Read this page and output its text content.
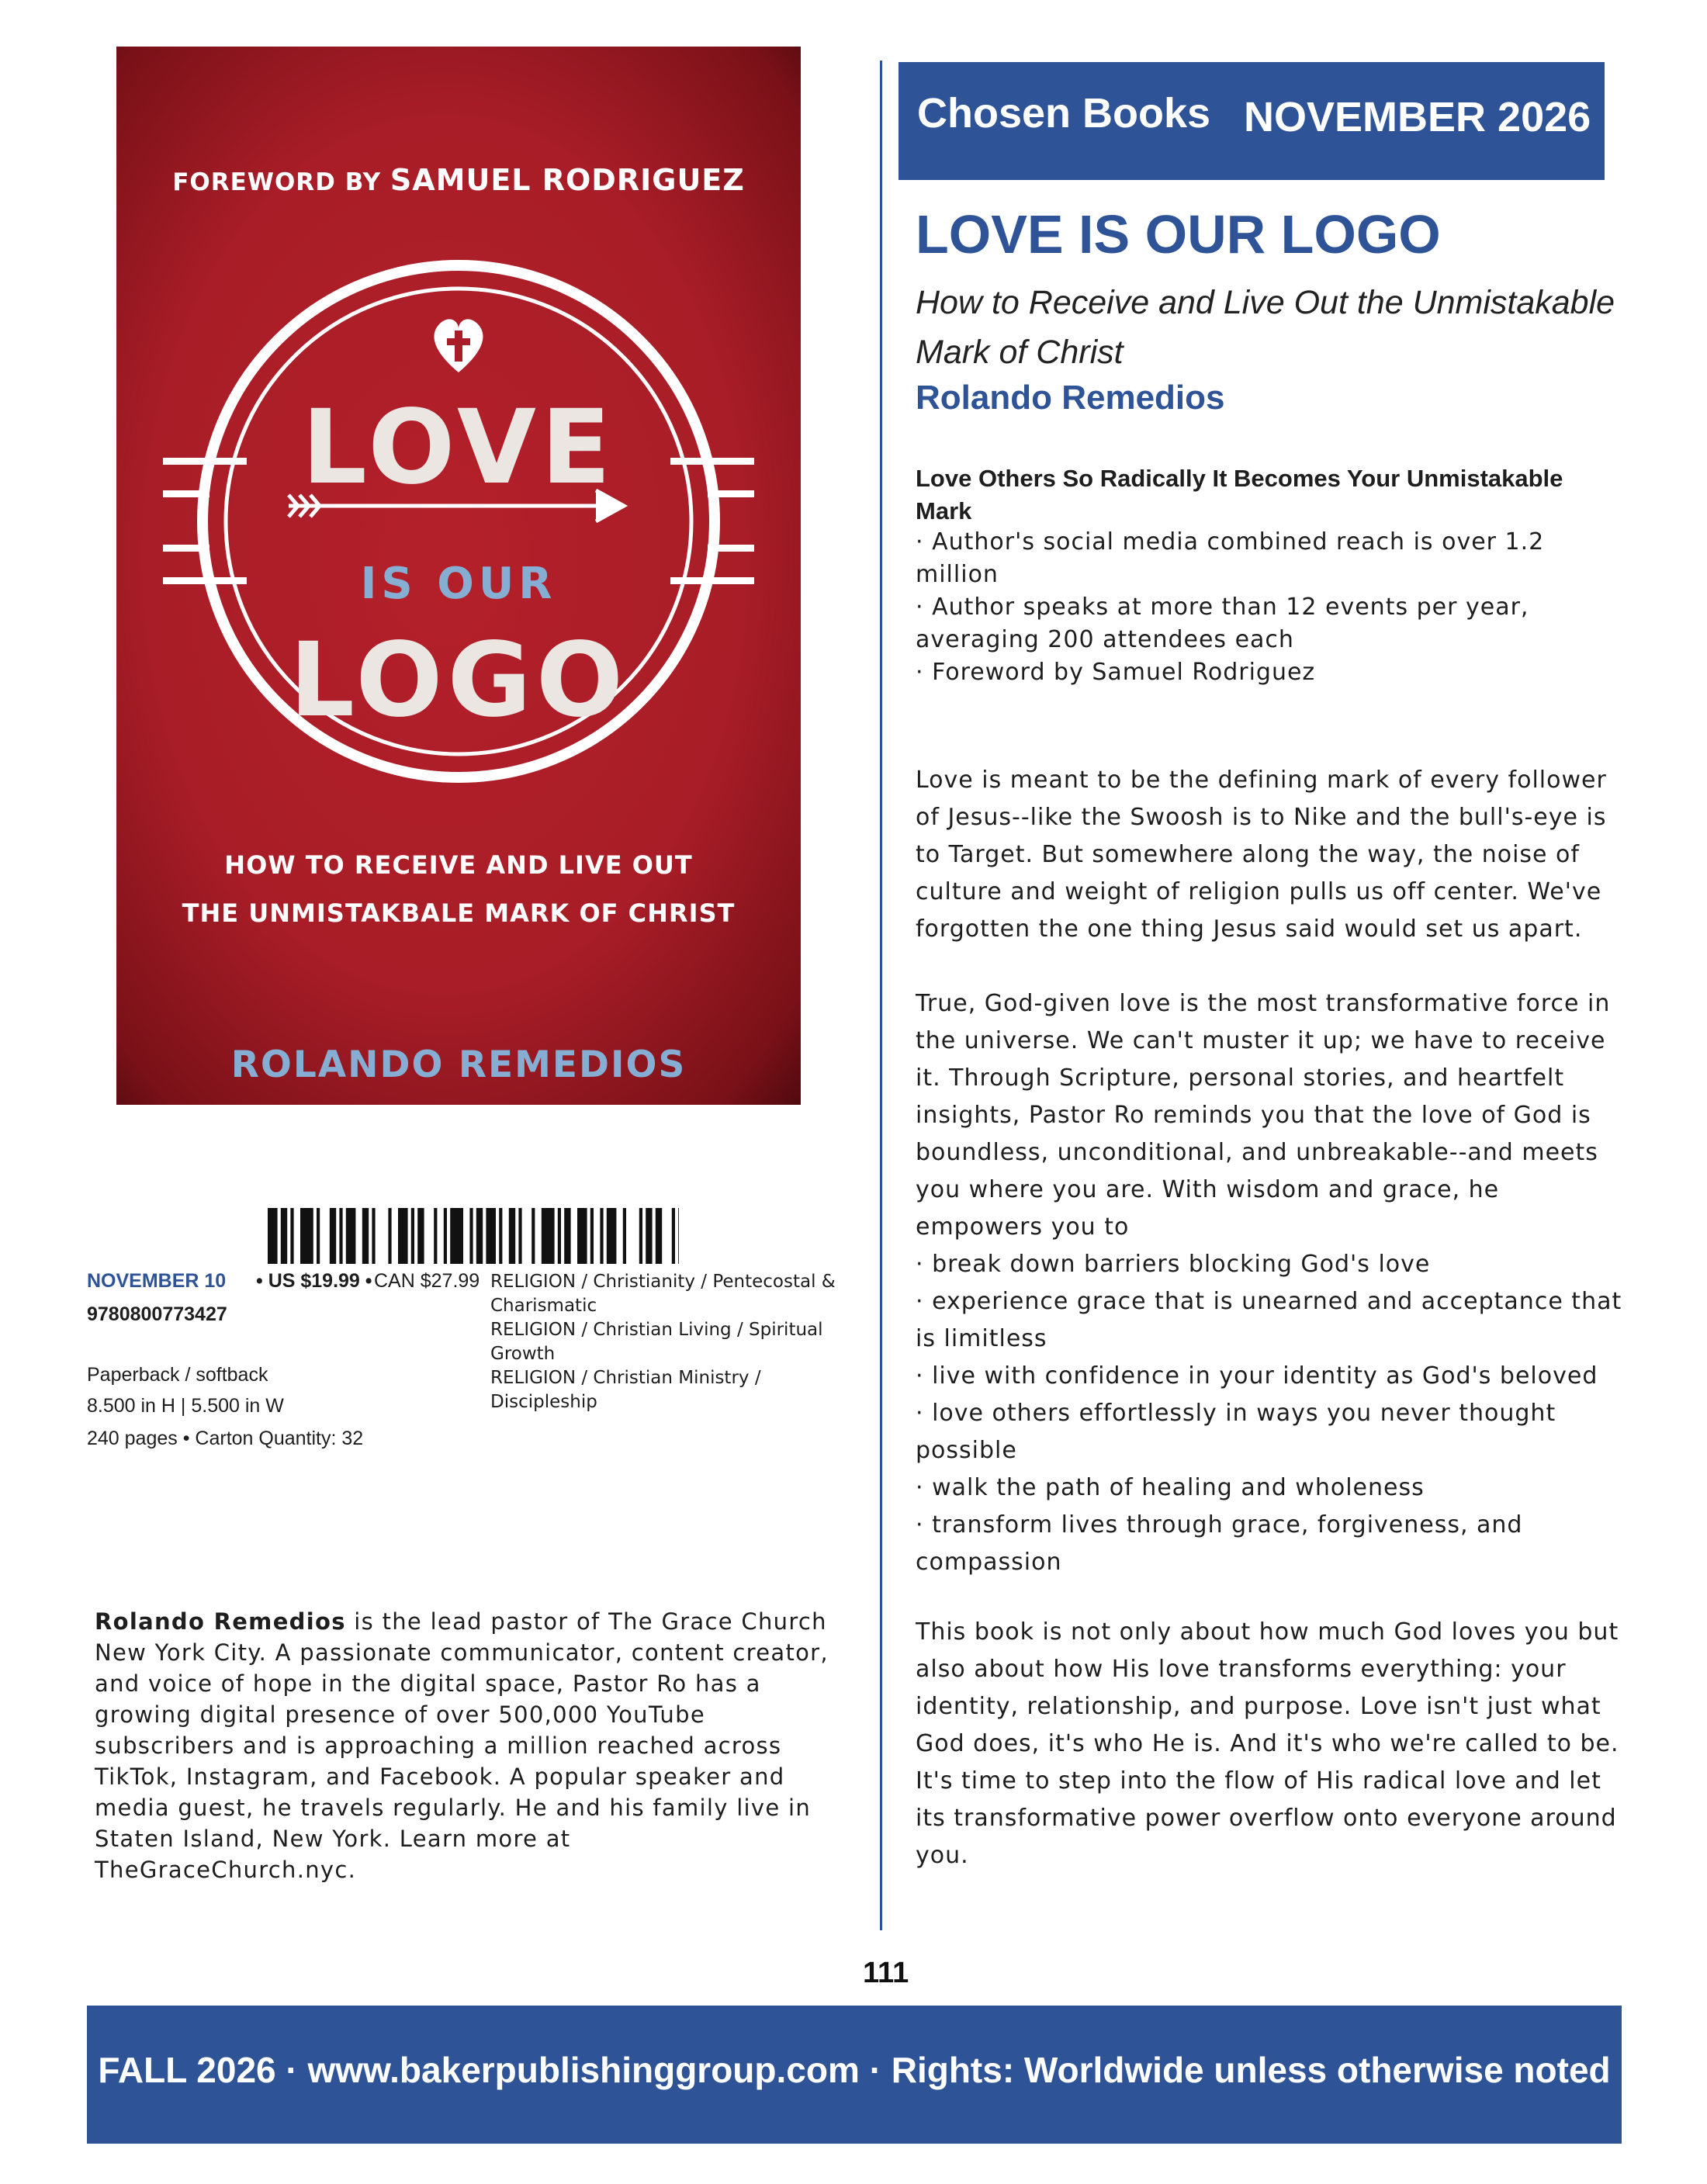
FOREWORD BY SAMUEL RODRIGUEZ
LOVE
IS OUR
LOGO
HOW TO RECEIVE AND LIVE OUT
THE UNMISTAKBALE MARK OF CHRIST
ROLANDO REMEDIOS
NOVEMBER 10 • US $19.99 • CAN $27.99
9780800773427
Paperback / softback
8.500 in H | 5.500 in W
240 pages • Carton Quantity: 32
RELIGION / Christianity / Pentecostal & Charismatic
RELIGION / Christian Living / Spiritual Growth
RELIGION / Christian Ministry / Discipleship
Rolando Remedios is the lead pastor of The Grace Church New York City. A passionate communicator, content creator, and voice of hope in the digital space, Pastor Ro has a growing digital presence of over 500,000 YouTube subscribers and is approaching a million reached across TikTok, Instagram, and Facebook. A popular speaker and media guest, he travels regularly. He and his family live in Staten Island, New York. Learn more at TheGraceChurch.nyc.
Chosen Books NOVEMBER 2026
LOVE IS OUR LOGO
How to Receive and Live Out the Unmistakable Mark of Christ
Rolando Remedios
Love Others So Radically It Becomes Your Unmistakable Mark
· Author's social media combined reach is over 1.2 million
· Author speaks at more than 12 events per year, averaging 200 attendees each
· Foreword by Samuel Rodriguez
Love is meant to be the defining mark of every follower of Jesus--like the Swoosh is to Nike and the bull's-eye is to Target. But somewhere along the way, the noise of culture and weight of religion pulls us off center. We've forgotten the one thing Jesus said would set us apart.
True, God-given love is the most transformative force in the universe. We can't muster it up; we have to receive it. Through Scripture, personal stories, and heartfelt insights, Pastor Ro reminds you that the love of God is boundless, unconditional, and unbreakable--and meets you where you are. With wisdom and grace, he empowers you to
· break down barriers blocking God's love
· experience grace that is unearned and acceptance that is limitless
· live with confidence in your identity as God's beloved
· love others effortlessly in ways you never thought possible
· walk the path of healing and wholeness
· transform lives through grace, forgiveness, and compassion
This book is not only about how much God loves you but also about how His love transforms everything: your identity, relationship, and purpose. Love isn't just what God does, it's who He is. And it's who we're called to be. It's time to step into the flow of His radical love and let its transformative power overflow onto everyone around you.
111
FALL 2026 · www.bakerpublishinggroup.com · Rights: Worldwide unless otherwise noted
